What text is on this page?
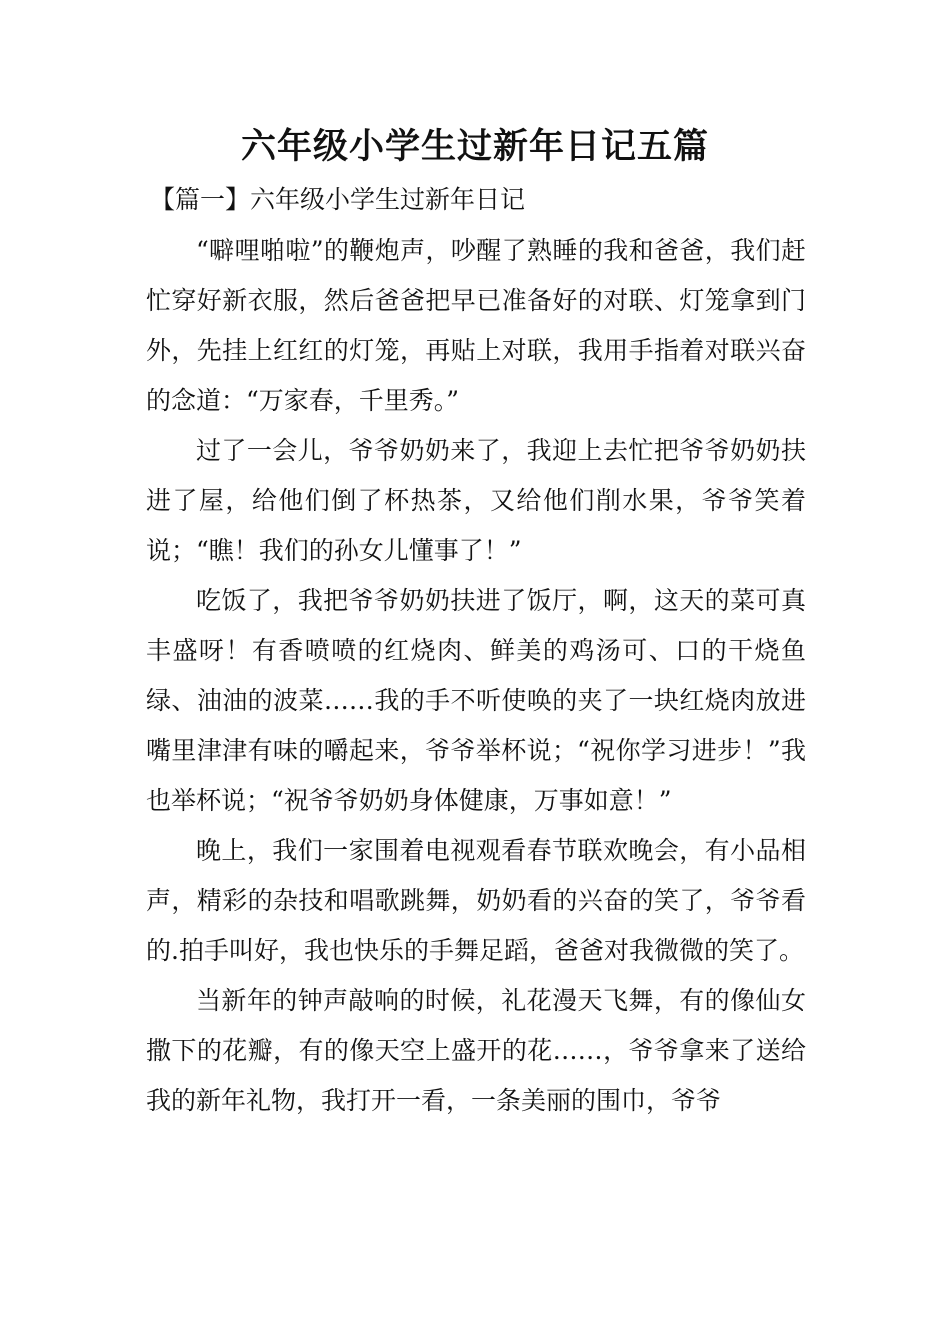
六年级小学生过新年日记五篇

【篇一】六年级小学生过新年日记

“噼哩啪啦”的鞭炮声，吵醒了熟睡的我和爸爸，我们赶忙穿好新衣服，然后爸爸把早已准备好的对联、灯笼拿到门外，先挂上红红的灯笼，再贴上对联，我用手指着对联兴奋的念道：“万家春，千里秀。”

过了一会儿，爷爷奶奶来了，我迎上去忙把爷爷奶奶扶进了屋，给他们倒了杯热茶，又给他们削水果，爷爷笑着说；“瞧！我们的孙女儿懂事了！”

吃饭了，我把爷爷奶奶扶进了饭厅，啊，这天的菜可真丰盛呀！有香喷喷的红烧肉、鲜美的鸡汤可、口的干烧鱼绿、油油的波菜……我的手不听使唤的夹了一块红烧肉放进嘴里津津有味的嚼起来，爷爷举杯说；“祝你学习进步！”我也举杯说；“祝爷爷奶奶身体健康，万事如意！”

晚上，我们一家围着电视观看春节联欢晚会，有小品相声，精彩的杂技和唱歌跳舞，奶奶看的兴奋的笑了，爷爷看的.拍手叫好，我也快乐的手舞足蹈，爸爸对我微微的笑了。

当新年的钟声敲响的时候，礼花漫天飞舞，有的像仙女撒下的花瓣，有的像天空上盛开的花……，爷爷拿来了送给我的新年礼物，我打开一看，一条美丽的围巾，爷爷
